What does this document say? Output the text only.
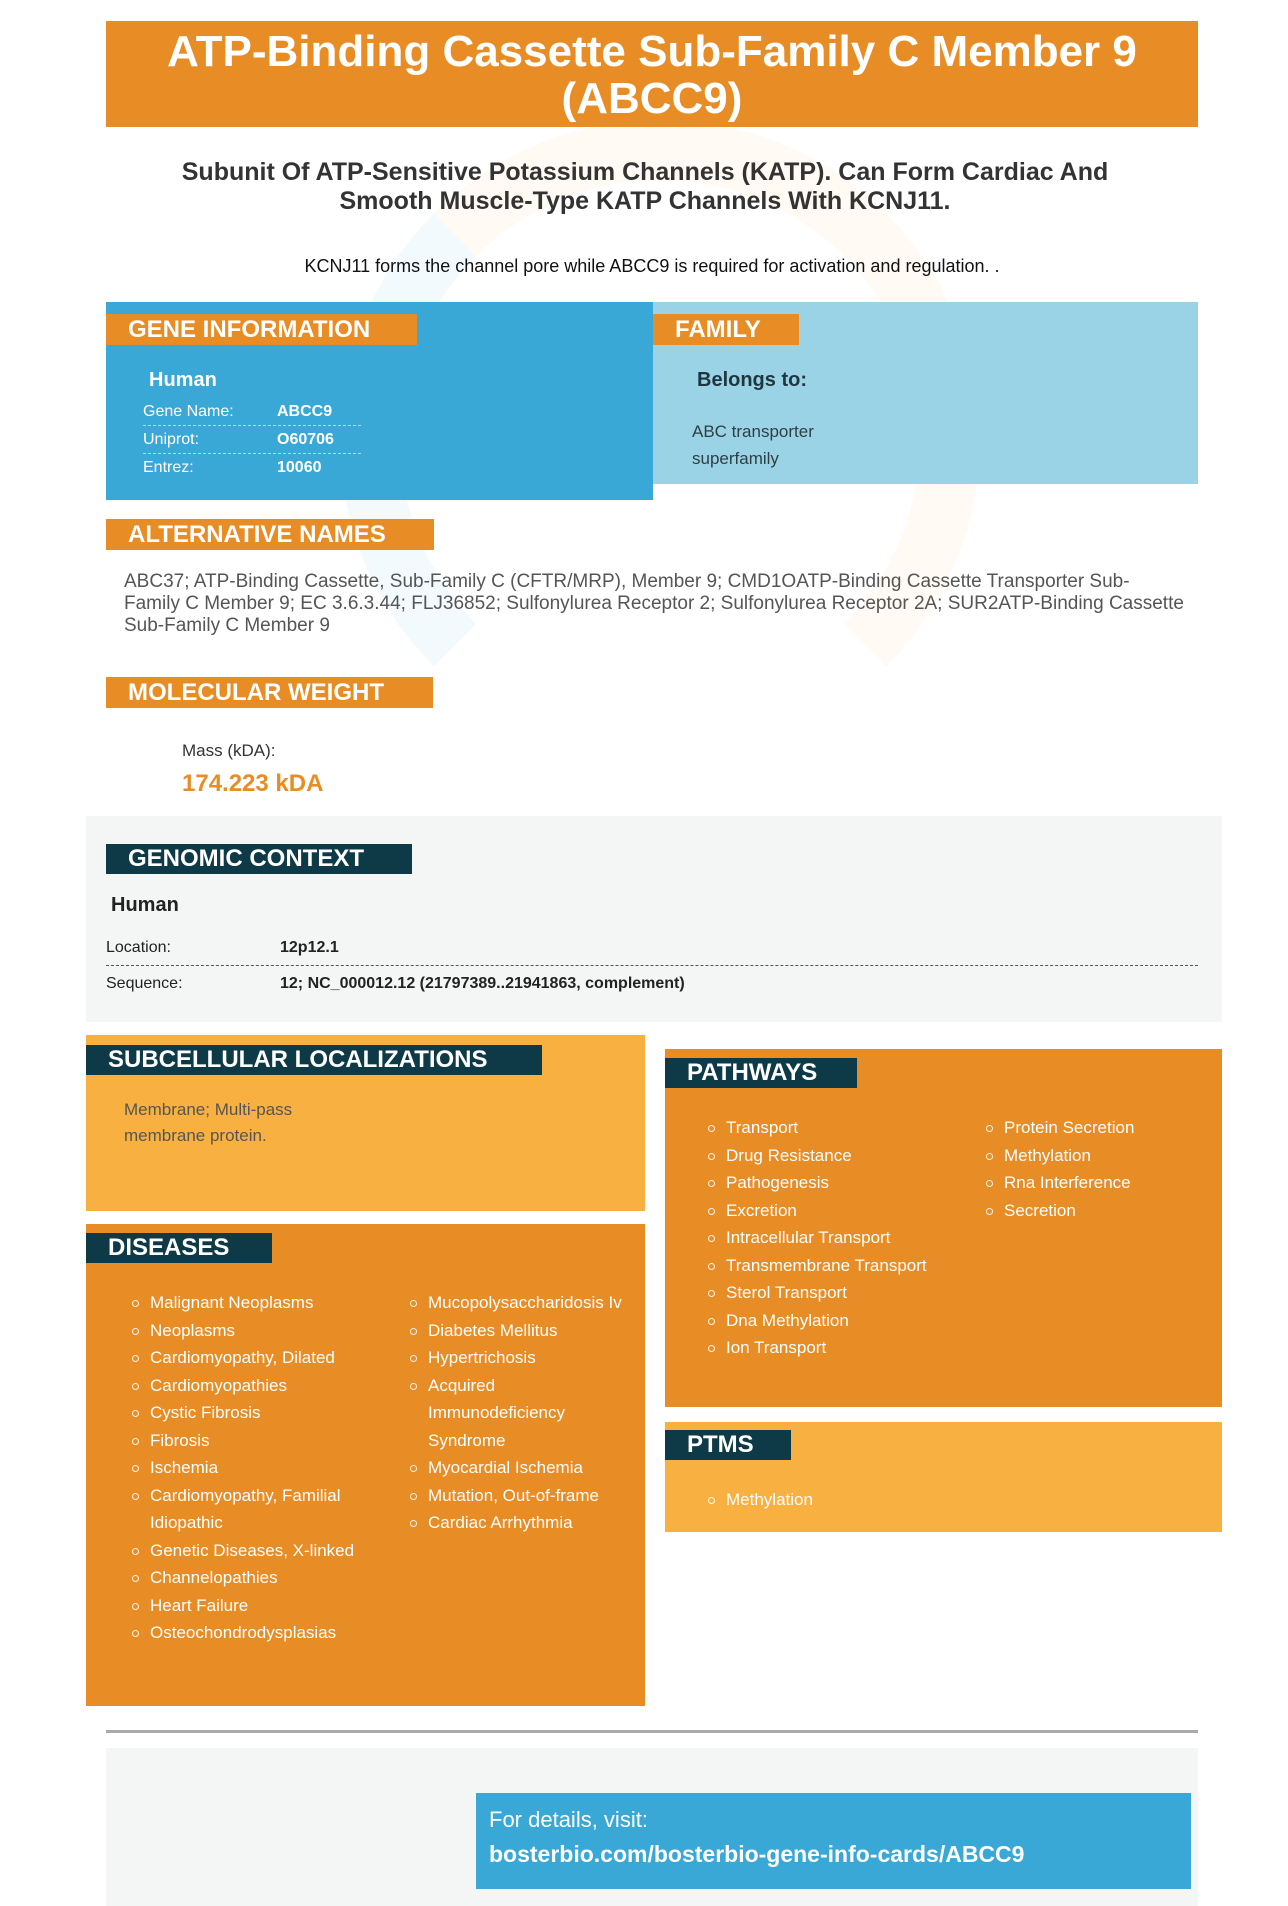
ATP-Binding Cassette Sub-Family C Member 9 (ABCC9)
Subunit Of ATP-Sensitive Potassium Channels (KATP). Can Form Cardiac And Smooth Muscle-Type KATP Channels With KCNJ11.
KCNJ11 forms the channel pore while ABCC9 is required for activation and regulation. .
GENE INFORMATION
Human
Gene Name:	ABCC9
Uniprot:	O60706
Entrez:	10060
FAMILY
Belongs to:
ABC transporter superfamily
ALTERNATIVE NAMES
ABC37; ATP-Binding Cassette, Sub-Family C (CFTR/MRP), Member 9; CMD1OATP-Binding Cassette Transporter Sub-Family C Member 9; EC 3.6.3.44; FLJ36852; Sulfonylurea Receptor 2; Sulfonylurea Receptor 2A; SUR2ATP-Binding Cassette Sub-Family C Member 9
MOLECULAR WEIGHT
Mass (kDA):
174.223 kDA
GENOMIC CONTEXT
Human
Location:	12p12.1
Sequence:	12; NC_000012.12 (21797389..21941863, complement)
SUBCELLULAR LOCALIZATIONS
Membrane; Multi-pass membrane protein.
DISEASES
Malignant Neoplasms
Neoplasms
Cardiomyopathy, Dilated
Cardiomyopathies
Cystic Fibrosis
Fibrosis
Ischemia
Cardiomyopathy, Familial Idiopathic
Genetic Diseases, X-linked
Channelopathies
Heart Failure
Osteochondrodysplasias
Mucopolysaccharidosis Iv
Diabetes Mellitus
Hypertrichosis
Acquired Immunodeficiency Syndrome
Myocardial Ischemia
Mutation, Out-of-frame
Cardiac Arrhythmia
PATHWAYS
Transport
Drug Resistance
Pathogenesis
Excretion
Intracellular Transport
Transmembrane Transport
Sterol Transport
Dna Methylation
Ion Transport
Protein Secretion
Methylation
Rna Interference
Secretion
PTMS
Methylation
For details, visit:
bosterbio.com/bosterbio-gene-info-cards/ABCC9
